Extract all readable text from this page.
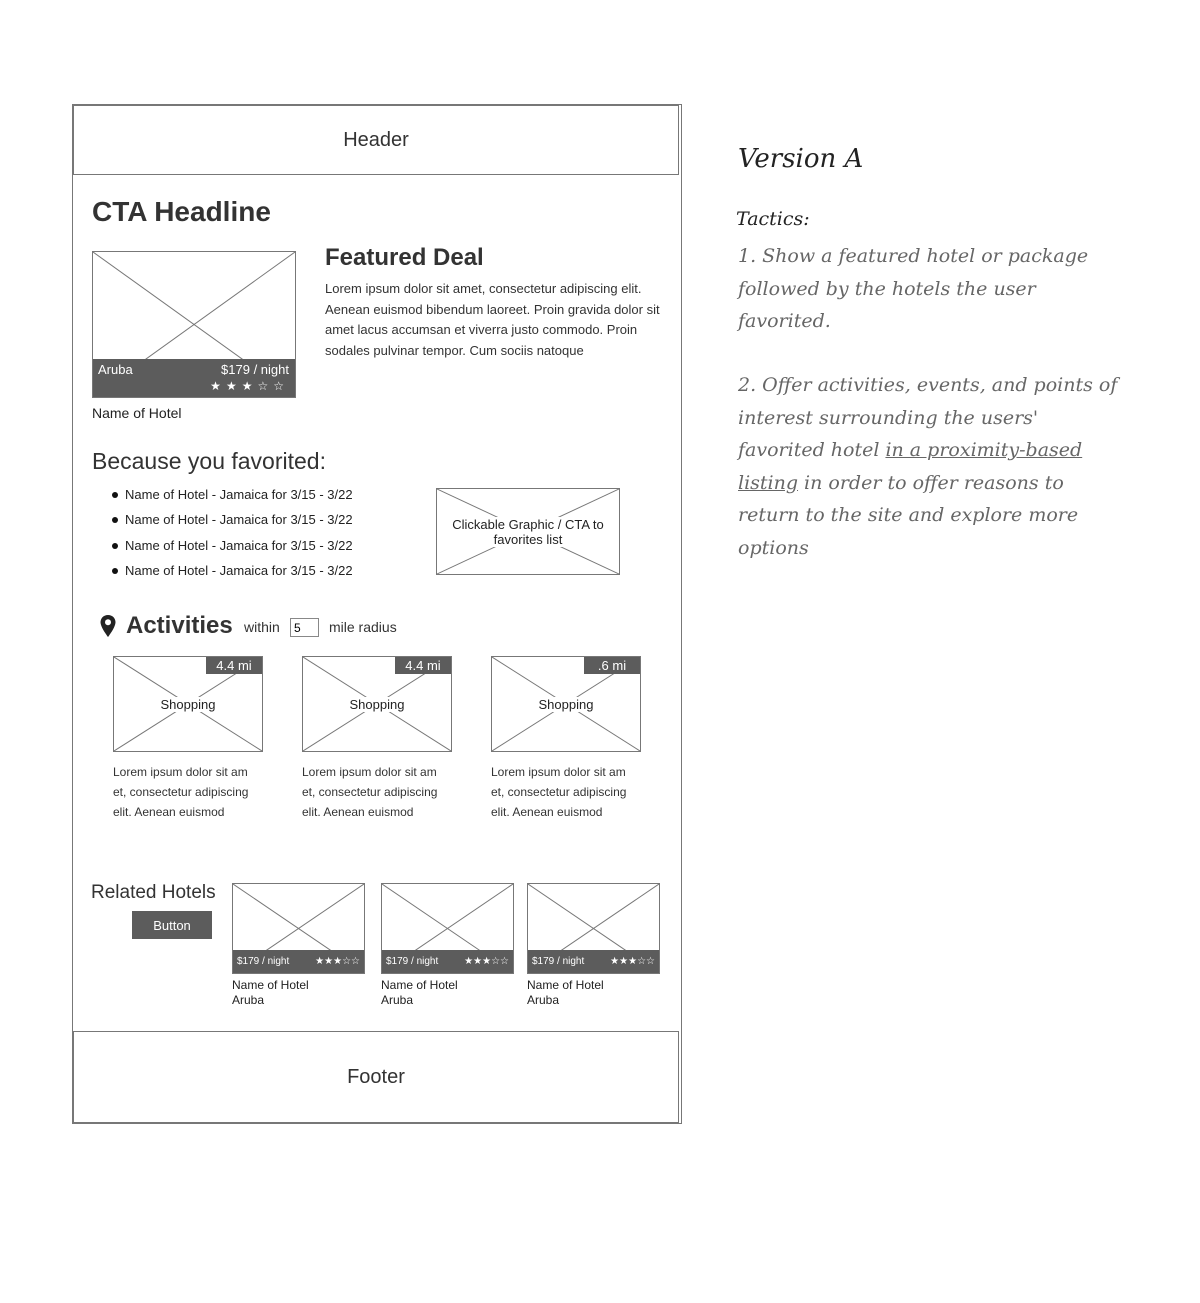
Header
CTA Headline
Aruba	$179 / night
★★★☆☆
Name of Hotel
Featured Deal
Lorem ipsum dolor sit amet, consectetur adipiscing elit. Aenean euismod bibendum laoreet. Proin gravida dolor sit amet lacus accumsan et viverra justo commodo. Proin sodales pulvinar tempor. Cum sociis natoque
Because you favorited:
Name of Hotel - Jamaica for 3/15 - 3/22
Name of Hotel - Jamaica for 3/15 - 3/22
Name of Hotel - Jamaica for 3/15 - 3/22
Name of Hotel - Jamaica for 3/15 - 3/22
Clickable Graphic / CTA to favorites list
Activities within
5	mile radius
Shopping
4.4 mi
Lorem ipsum dolor sit am et, consectetur adipiscing elit. Aenean euismod
Shopping
4.4 mi
Lorem ipsum dolor sit am et, consectetur adipiscing elit. Aenean euismod
Shopping
.6 mi
Lorem ipsum dolor sit am et, consectetur adipiscing elit. Aenean euismod
Related Hotels
Button
$179 / night	★★★☆☆
Name of Hotel
Aruba
$179 / night	★★★☆☆
Name of Hotel
Aruba
$179 / night	★★★☆☆
Name of Hotel
Aruba
Footer
Version A
Tactics:
1. Show a featured hotel or package followed by the hotels the user favorited.
2. Offer activities, events, and points of interest surrounding the users' favorited hotel in a proximity-based listing in order to offer reasons to return to the site and explore more options
